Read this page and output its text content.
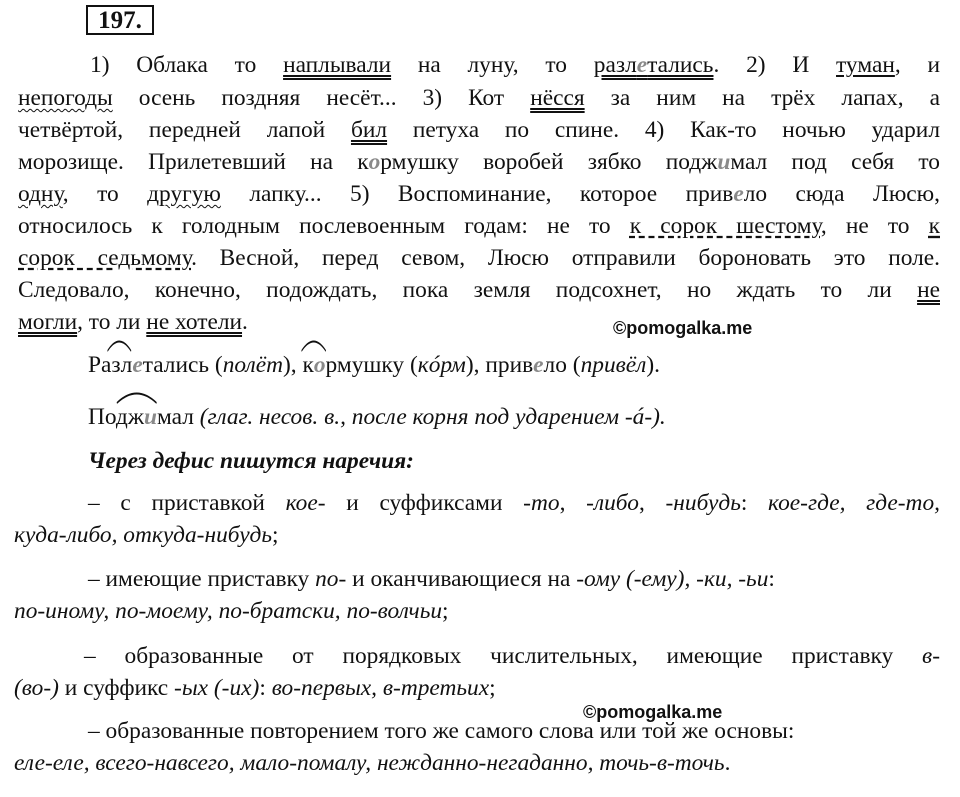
197.
1) Облака то наплывали на луну, то разлетались. 2) И туман, и
непогоды осень поздняя несёт... 3) Кот нёсся за ним на трёх лапах, а
четвёртой, передней лапой бил петуха по спине. 4) Как-то ночью ударил
морозище. Прилетевший на кормушку воробей зябко поджимал под себя то
одну, то другую лапку... 5) Воспоминание, которое привело сюда Люсю,
относилось к голодным послевоенным годам: не то к сорок шестому, не то к
сорок седьмому. Весной, перед севом, Люсю отправили бороновать это поле.
Следовало, конечно, подождать, пока земля подсохнет, но ждать то ли не
могли, то ли не хотели.	©pomogalka.me
Разле
тались (полёт), ко
рмушку (кóрм), привело (привёл).
Поджи
мал (глаг. несов. в., после корня под ударением -á-).
Через дефис пишутся наречия:
– с приставкой кое- и суффиксами -то, -либо, -нибудь: кое-где, где-то,
куда-либо, откуда-нибудь;
– имеющие приставку по- и оканчивающиеся на -ому (-ему), -ки, -ьи:
по-иному, по-моему, по-братски, по-волчьи;
– образованные от порядковых числительных, имеющие приставку в-
(во-) и суффикс -ых (-их): во-первых, в-третьих;
©pomogalka.me
– образованные повторением того же самого слова или той же основы:
еле-еле, всего-навсего, мало-помалу, нежданно-негаданно, точь-в-точь.
